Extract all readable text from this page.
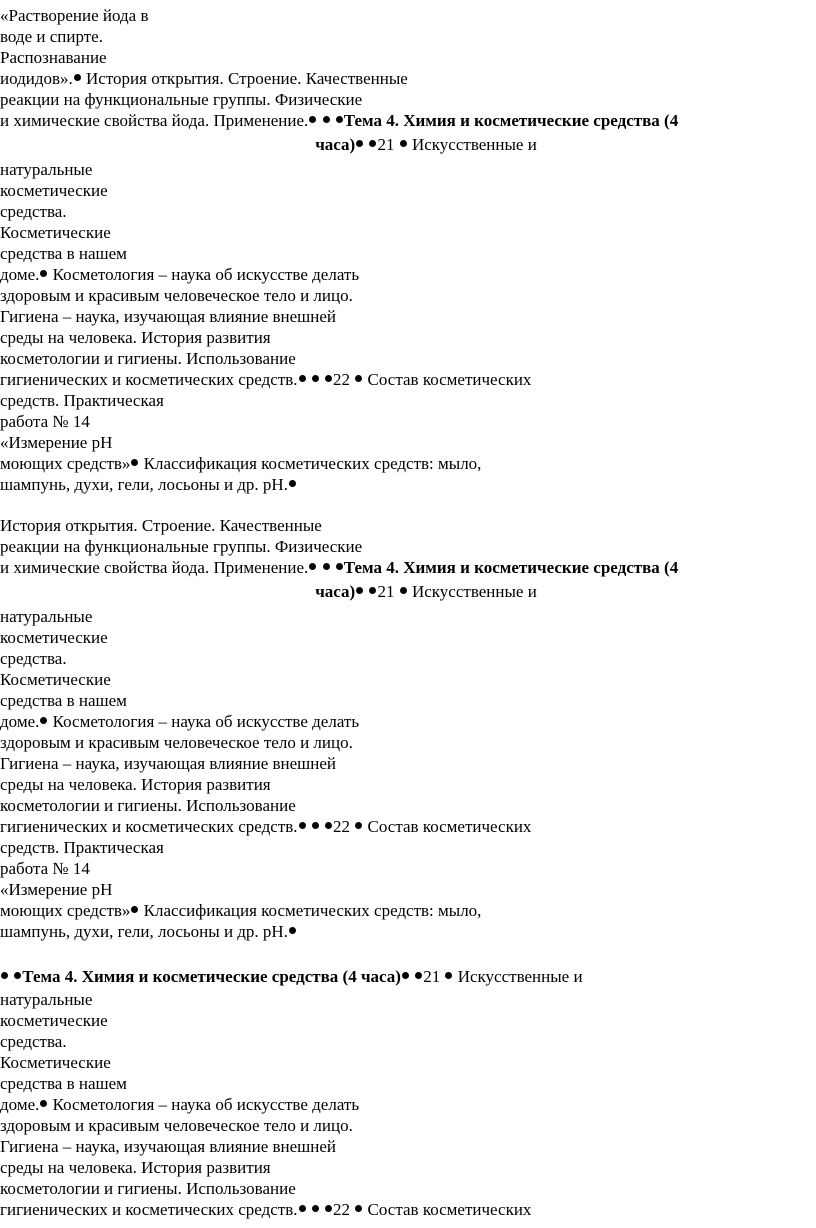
«Растворение йода в
воде и спирте.
Распознавание
иодидов». История открытия. Строение. Качественные
реакции на функциональные группы. Физические
и химические свойства йода. Применение. Тема 4. Химия и косметические средства (4
часа) 21 Искусственные и
натуральные
косметические
средства.
Косметические
средства в нашем
доме. Косметология – наука об искусстве делать
здоровым и красивым человеческое тело и лицо.
Гигиена – наука, изучающая влияние внешней
среды на человека. История развития
косметологии и гигиены. Использование
гигиенических и косметических средств. 22 Состав косметических
средств. Практическая
работа № 14
«Измерение pH
моющих средств» Классификация косметических средств: мыло,
шампунь, духи, гели, лосьоны и др. pH.
История открытия. Строение. Качественные
реакции на функциональные группы. Физические
и химические свойства йода. Применение. Тема 4. Химия и косметические средства (4
часа) 21 Искусственные и
натуральные
косметические
средства.
Косметические
средства в нашем
доме. Косметология – наука об искусстве делать
здоровым и красивым человеческое тело и лицо.
Гигиена – наука, изучающая влияние внешней
среды на человека. История развития
косметологии и гигиены. Использование
гигиенических и косметических средств. 22 Состав косметических
средств. Практическая
работа № 14
«Измерение pH
моющих средств» Классификация косметических средств: мыло,
шампунь, духи, гели, лосьоны и др. pH.
Тема 4. Химия и косметические средства (4 часа) 21 Искусственные и
натуральные
косметические
средства.
Косметические
средства в нашем
доме. Косметология – наука об искусстве делать
здоровым и красивым человеческое тело и лицо.
Гигиена – наука, изучающая влияние внешней
среды на человека. История развития
косметологии и гигиены. Использование
гигиенических и косметических средств. 22 Состав косметических
